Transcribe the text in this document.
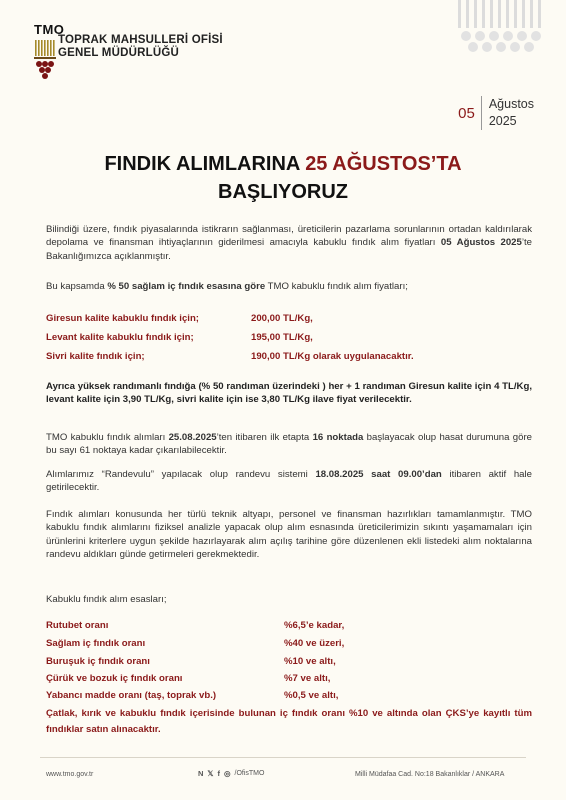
TMO
TOPRAK MAHSULLERİ OFİSİ
GENEL MÜDÜRLÜĞÜ
05
Ağustos
2025
FINDIK ALIMLARINA 25 AĞUSTOS’TA
BAŞLIYORUZ

Bilindiği üzere, fındık piyasalarında istikrarın sağlanması, üreticilerin pazarlama sorunlarının ortadan kaldırılarak depolama ve finansman ihtiyaçlarının giderilmesi amacıyla kabuklu fındık alım fiyatları 05 Ağustos 2025’te Bakanlığımızca açıklanmıştır.

Bu kapsamda % 50 sağlam iç fındık esasına göre TMO kabuklu fındık alım fiyatları;

Giresun kalite kabuklu fındık için;	200,00 TL/Kg,
Levant kalite kabuklu fındık için;	195,00 TL/Kg,
Sivri kalite fındık için;	190,00 TL/Kg olarak uygulanacaktır.

Ayrıca yüksek randımanlı fındığa (% 50 randıman üzerindeki ) her + 1 randıman Giresun kalite için 4 TL/Kg, levant kalite için 3,90 TL/Kg, sivri kalite için ise 3,80 TL/Kg ilave fiyat verilecektir.

TMO kabuklu fındık alımları 25.08.2025’ten itibaren ilk etapta 16 noktada başlayacak olup hasat durumuna göre bu sayı 61 noktaya kadar çıkarılabilecektir.

Alımlarımız “Randevulu” yapılacak olup randevu sistemi 18.08.2025 saat 09.00’dan itibaren aktif hale getirilecektir.

Fındık alımları konusunda her türlü teknik altyapı, personel ve finansman hazırlıkları tamamlanmıştır. TMO kabuklu fındık alımlarını fiziksel analizle yapacak olup alım esnasında üreticilerimizin sıkıntı yaşamamaları için ürünlerini kriterlere uygun şekilde hazırlayarak alım açılış tarihine göre düzenlenen ekli listedeki alım noktalarına randevu aldıkları günde getirmeleri gerekmektedir.

Kabuklu fındık alım esasları;

Rutubet oranı	%6,5’e kadar,
Sağlam iç fındık oranı	%40 ve üzeri,
Buruşuk iç fındık oranı	%10 ve altı,
Çürük ve bozuk iç fındık oranı	%7 ve altı,
Yabancı madde oranı (taş, toprak vb.)	%0,5 ve altı,

Çatlak, kırık ve kabuklu fındık içerisinde bulunan iç fındık oranı %10 ve altında olan ÇKS’ye kayıtlı tüm fındıklar satın alınacaktır.

www.tmo.gov.tr	N 𝕏 f ◎ /OfisTMO	Milli Müdafaa Cad. No:18 Bakanlıklar / ANKARA
